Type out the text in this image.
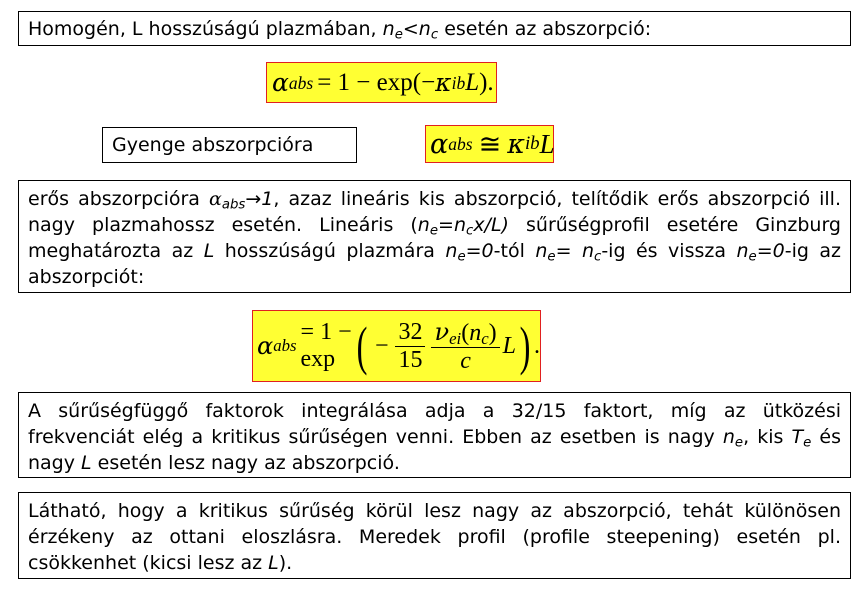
Homogén, L hosszúságú plazmában, $n_e<n_c$ esetén az abszorpció:
α abs = 1 − exp(− κ ib L ).
Gyenge abszorpcióra	α abs ≅ κ ib L
erős abszorpcióra $\alpha_{abs}\to 1$, azaz lineáris kis abszorpció, telítődik erős abszorpció ill. nagy plazmahossz esetén. Lineáris $(n_e=n_cx/L)$ sűrűségprofil esetére Ginzburg meghatározta az L hosszúságú plazmára $n_e=0$-tól $n_e= n_c-ig$ és vissza $n_e=0-ig$ az abszorpciót:
α abs
= 1 − exp ( − $\frac{32}{15} \frac{\nu_{ei}(n_c)}{c}$ L ) .
A sűrűségfüggő faktorok integrálása adja a 32/15 faktort, míg az ütközési frekvenciát elég a kritikus sűrűségen venni. Ebben az esetben is nagy $n_e$, kis $T_e$ és nagy L esetén lesz nagy az abszorpció.
Látható, hogy a kritikus sűrűség körül lesz nagy az abszorpció, tehát különösen érzékeny az ottani eloszlásra. Meredek profil (profile steepening) esetén pl. csökkenhet (kicsi lesz az L).
